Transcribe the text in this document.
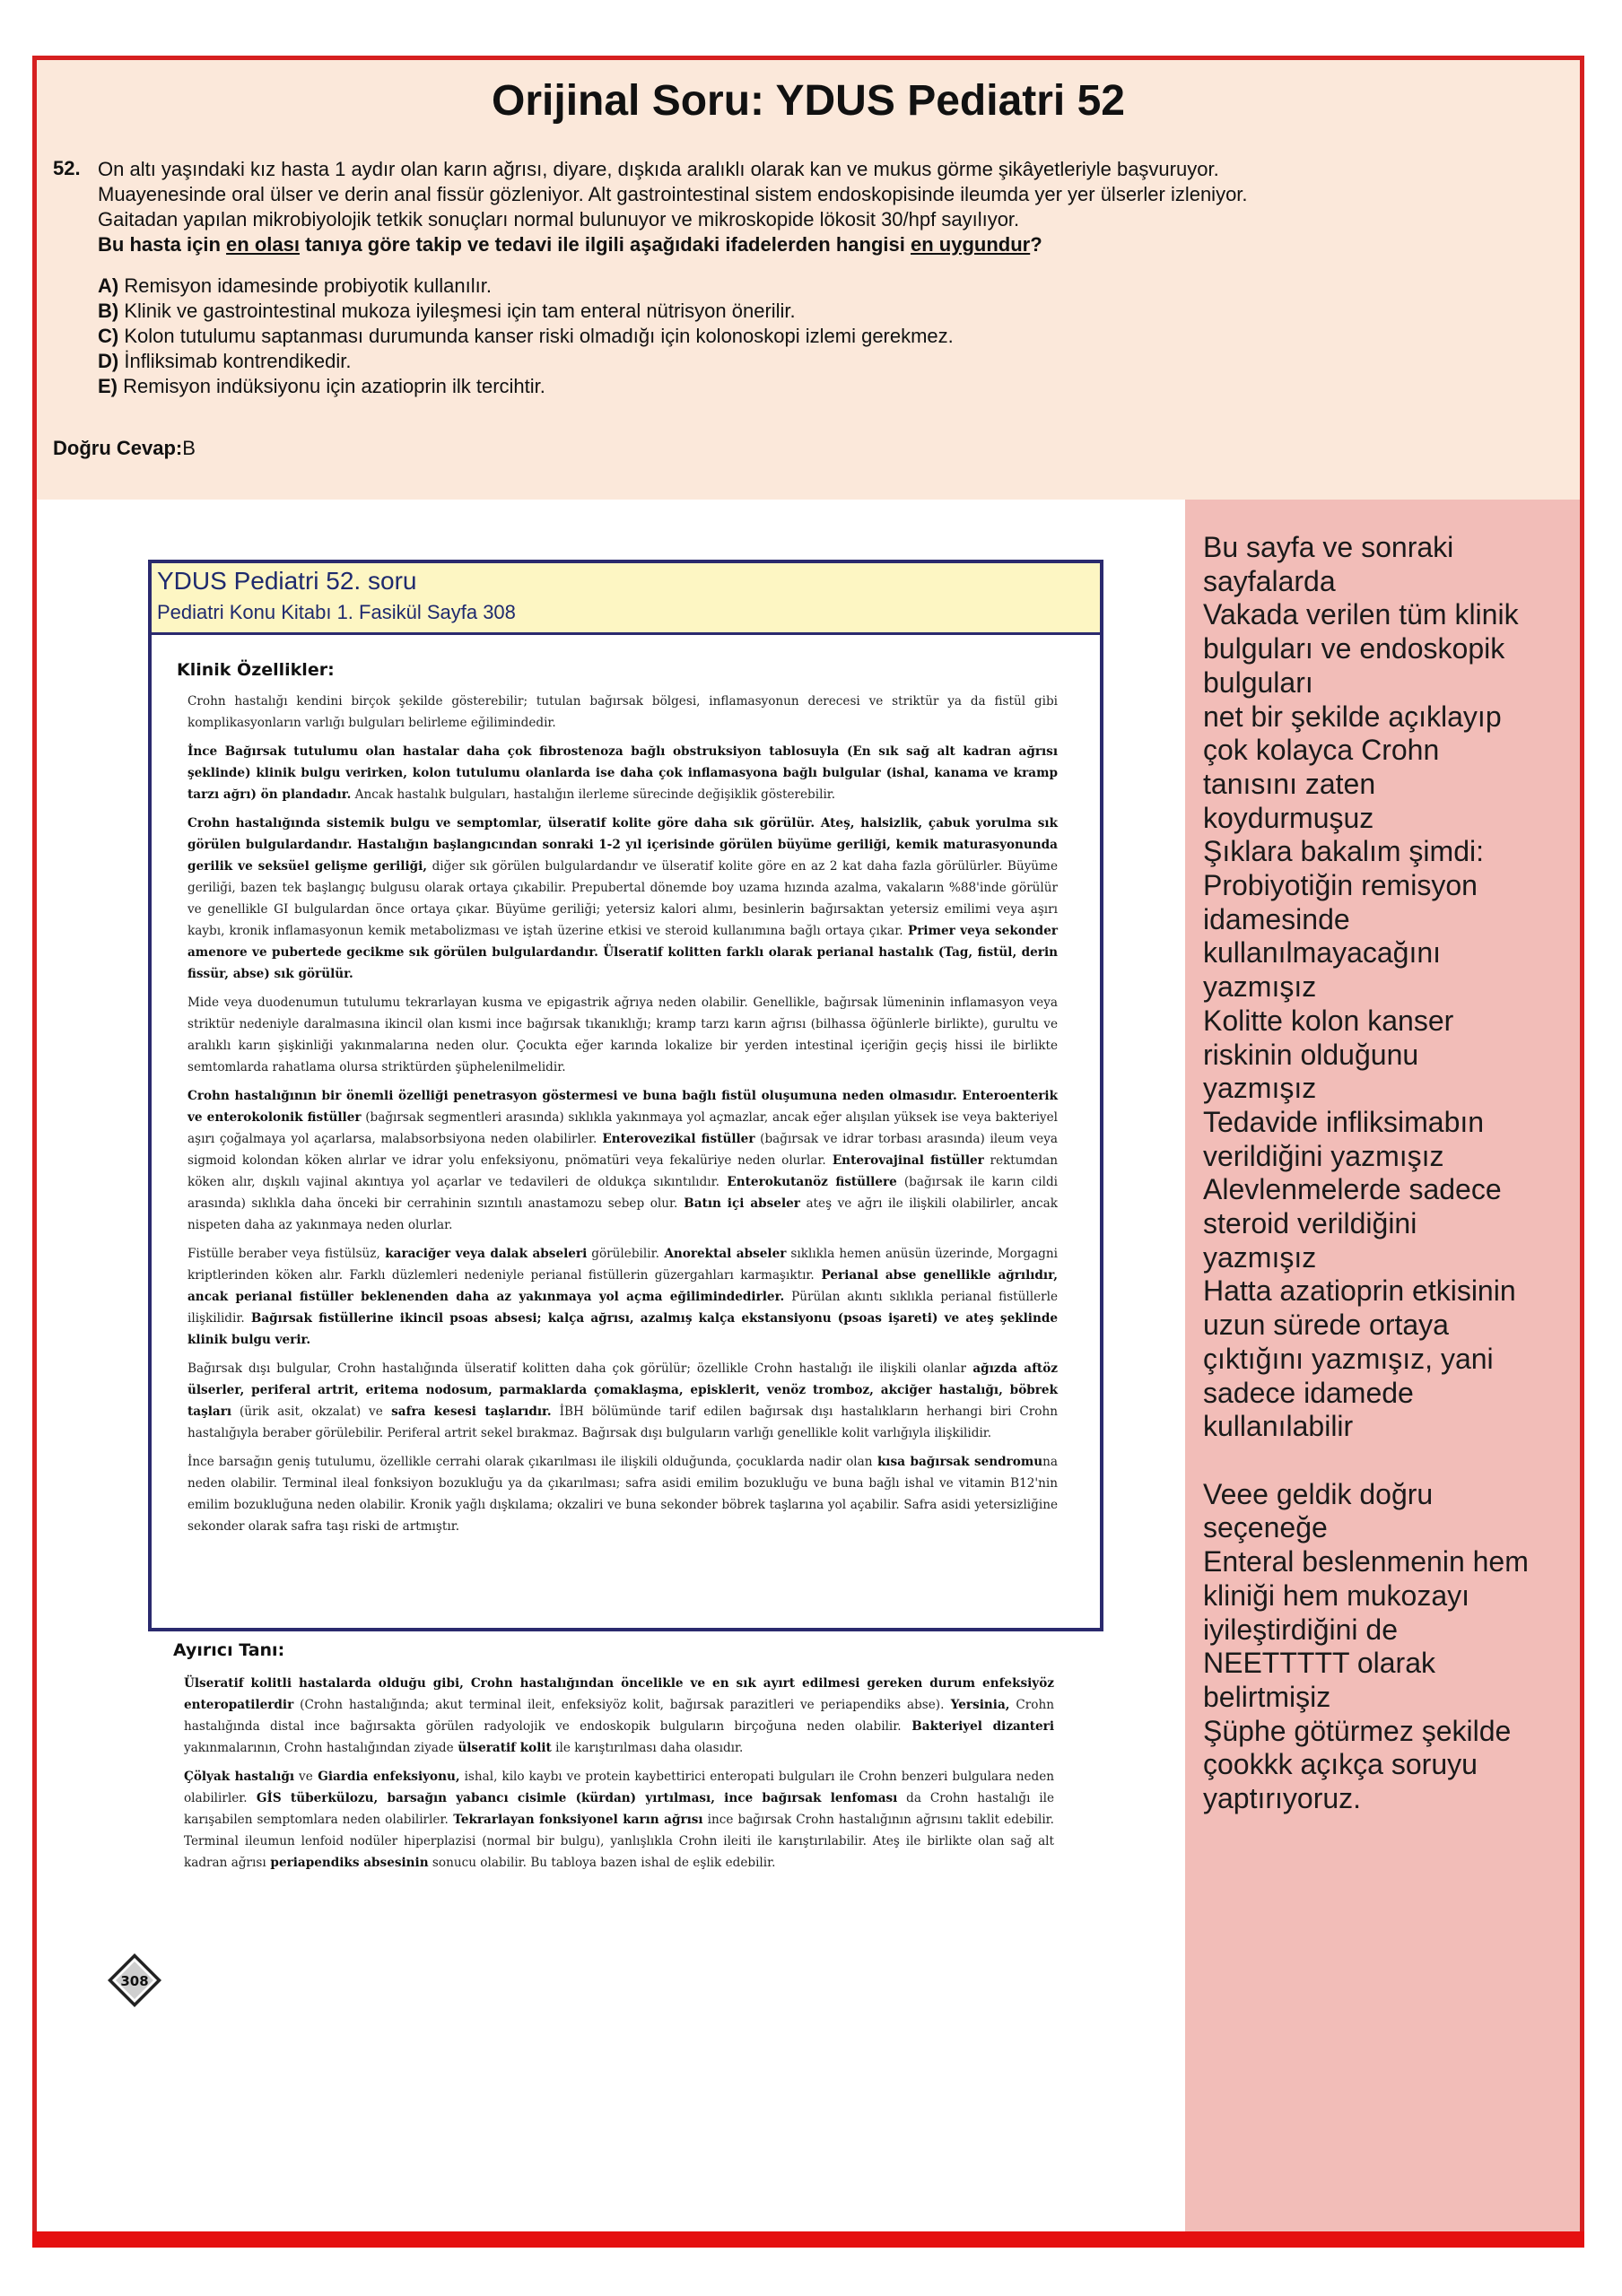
Orijinal Soru: YDUS Pediatri 52
52. On altı yaşındaki kız hasta 1 aydır olan karın ağrısı, diyare, dışkıda aralıklı olarak kan ve mukus görme şikâyetleriyle başvuruyor.

Muayenesinde oral ülser ve derin anal fissür gözleniyor. Alt gastrointestinal sistem endoskopisinde ileumda yer yer ülserler izleniyor.

Gaitadan yapılan mikrobiyolojik tetkik sonuçları normal bulunuyor ve mikroskopide lökosit 30/hpf sayılıyor.

Bu hasta için en olası tanıya göre takip ve tedavi ile ilgili aşağıdaki ifadelerden hangisi en uygundur?

A) Remisyon idamesinde probiyotik kullanılır.
B) Klinik ve gastrointestinal mukoza iyileşmesi için tam enteral nütrisyon önerilir.
C) Kolon tutulumu saptanması durumunda kanser riski olmadığı için kolonoskopi izlemi gerekmez.
D) İnfliksimab kontrendikedir.
E) Remisyon indüksiyonu için azatioprin ilk tercihtir.
Doğru Cevap:B
Bu sayfa ve sonraki
sayfalarda
Vakada verilen tüm klinik
bulguları ve endoskopik
bulguları
net bir şekilde açıklayıp
çok kolayca Crohn
tanısını zaten
koydurmuşuz
Şıklara bakalım şimdi:
Probiyotiğin remisyon
idamesinde
kullanılmayacağını
yazmışız
Kolitte kolon kanser
riskinin olduğunu
yazmışız
Tedavide infliksimabın
verildiğini yazmışız
Alevlenmelerde sadece
steroid verildiğini
yazmışız
Hatta azatioprin etkisinin
uzun sürede ortaya
çıktığını yazmışız, yani
sadece idamede
kullanılabilir

Veee geldik doğru
seçeneğe
Enteral beslenmenin hem
kliniği hem mukozayı
iyileştirdiğini de
NEETTTTT olarak
belirtmişiz
Şüphe götürmez şekilde
çookkk açıkça soruyu
yaptırıyoruz.
YDUS Pediatri 52. soru
Pediatri Konu Kitabı 1. Fasikül Sayfa 308
Klinik Özellikler:

Crohn hastalığı kendini birçok şekilde gösterebilir; tutulan bağırsak bölgesi, inflamasyonun derecesi ve striktür ya da fistül gibi komplikasyonların varlığı bulguları belirleme eğilimindedir.

İnce Bağırsak tutulumu olan hastalar daha çok fibrostenoza bağlı obstruksiyon tablosuyla (En sık sağ alt kadran ağrısı şeklinde) klinik bulgu verirken, kolon tutulumu olanlarda ise daha çok inflamasyona bağlı bulgular (ishal, kanama ve kramp tarzı ağrı) ön plandadır. Ancak hastalık bulguları, hastalığın ilerleme sürecinde değişiklik gösterebilir.

Crohn hastalığında sistemik bulgu ve semptomlar, ülseratif kolite göre daha sık görülür. Ateş, halsizlik, çabuk yorulma sık görülen bulgulardandır. Hastalığın başlangıcından sonraki 1-2 yıl içerisinde görülen büyüme geriliği, kemik maturasyonunda gerilik ve seksüel gelişme geriliği, diğer sık görülen bulgulardandır ve ülseratif kolite göre en az 2 kat daha fazla görülürler. Büyüme geriliği, bazen tek başlangıç bulgusu olarak ortaya çıkabilir. Prepubertal dönemde boy uzama hızında azalma, vakaların %88'inde görülür ve genellikle GI bulgulardan önce ortaya çıkar. Büyüme geriliği; yetersiz kalori alımı, besinlerin bağırsaktan yetersiz emilimi veya aşırı kaybı, kronik inflamasyonun kemik metabolizması ve iştah üzerine etkisi ve steroid kullanımına bağlı ortaya çıkar. Primer veya sekonder amenore ve pubertede gecikme sık görülen bulgulardandır. Ülseratif kolitten farklı olarak perianal hastalık (Tag, fistül, derin fissür, abse) sık görülür.

Mide veya duodenumun tutulumu tekrarlayan kusma ve epigastrik ağrıya neden olabilir. Genellikle, bağırsak lümeninin inflamasyon veya striktür nedeniyle daralmasına ikincil olan kısmi ince bağırsak tıkanıklığı; kramp tarzı karın ağrısı (bilhassa öğünlerle birlikte), gurultu ve aralıklı karın şişkinliği yakınmalarına neden olur. Çocukta eğer karında lokalize bir yerden intestinal içeriğin geçiş hissi ile birlikte semtomlarda rahatlama olursa striktürden şüphelenilmelidir.

Crohn hastalığının bir önemli özelliği penetrasyon göstermesi ve buna bağlı fistül oluşumuna neden olmasıdır. Enteroenterik ve enterokolonik fistüller (bağırsak segmentleri arasında) sıklıkla yakınmaya yol açmazlar, ancak eğer alışılan yüksek ise veya bakteriyel aşırı çoğalmaya yol açarlarsa, malabsorbsiyona neden olabilirler. Enterovezikal fistüller (bağırsak ve idrar torbası arasında) ileum veya sigmoid kolondan köken alırlar ve idrar yolu enfeksiyonu, pnömatüri veya fekalüriye neden olurlar. Enterovajinal fistüller rektumdan köken alır, dışkılı vajinal akıntıya yol açarlar ve tedavileri de oldukça sıkıntılıdır. Enterokutanöz fistüllere (bağırsak ile karın cildi arasında) sıklıkla daha önceki bir cerrahinin sızıntılı anastamozu sebep olur. Batın içi abseler ateş ve ağrı ile ilişkili olabilirler, ancak nispeten daha az yakınmaya neden olurlar.

Fistülle beraber veya fistülsüz, karaciğer veya dalak abseleri görülebilir. Anorektal abseler sıklıkla hemen anüsün üzerinde, Morgagni kriptlerinden köken alır. Farklı düzlemleri nedeniyle perianal fistüllerin güzergahları karmaşıktır. Perianal abse genellikle ağrılıdır, ancak perianal fistüller beklenenden daha az yakınmaya yol açma eğilimindedirler. Pürülan akıntı sıklıkla perianal fistüllerle ilişkilidir. Bağırsak fistüllerine ikincil psoas absesi; kalça ağrısı, azalmış kalça ekstansiyonu (psoas işareti) ve ateş şeklinde klinik bulgu verir.

Bağırsak dışı bulgular, Crohn hastalığında ülseratif kolitten daha çok görülür; özellikle Crohn hastalığı ile ilişkili olanlar ağızda aftöz ülserler, periferal artrit, eritema nodosum, parmaklarda çomaklaşma, episklerit, venöz tromboz, akciğer hastalığı, böbrek taşları (ürik asit, okzalat) ve safra kesesi taşlarıdır. İBH bölümünde tarif edilen bağırsak dışı hastalıkların herhangi biri Crohn hastalığıyla beraber görülebilir. Periferal artrit sekel bırakmaz. Bağırsak dışı bulguların varlığı genellikle kolit varlığıyla ilişkilidir.

İnce barsağın geniş tutulumu, özellikle cerrahi olarak çıkarılması ile ilişkili olduğunda, çocuklarda nadir olan kısa bağırsak sendromuna neden olabilir. Terminal ileal fonksiyon bozukluğu ya da çıkarılması; safra asidi emilim bozukluğu ve buna bağlı ishal ve vitamin B12'nin emilim bozukluğuna neden olabilir. Kronik yağlı dışkılama; okzaliri ve buna sekonder böbrek taşlarına yol açabilir. Safra asidi yetersizliğine sekonder olarak safra taşı riski de artmıştır.

Ayırıcı Tanı:

Ülseratif kolitli hastalarda olduğu gibi, Crohn hastalığından öncelikle ve en sık ayırt edilmesi gereken durum enfeksiyöz enteropatilerdir (Crohn hastalığında; akut terminal ileit, enfeksiyöz kolit, bağırsak parazitleri ve periapendiks abse). Yersinia, Crohn hastalığında distal ince bağırsakta görülen radyolojik ve endoskopik bulguların birçoğuna neden olabilir. Bakteriyel dizanteri yakınmalarının, Crohn hastalığından ziyade ülseratif kolit ile karıştırılması daha olasıdır.

Çölyak hastalığı ve Giardia enfeksiyonu, ishal, kilo kaybı ve protein kaybettirici enteropati bulguları ile Crohn benzeri bulgulara neden olabilirler. GİS tüberkülozu, barsağın yabancı cisimle (kürdan) yırtılması, ince bağırsak lenfoması da Crohn hastalığı ile karışabilen semptomlara neden olabilirler. Tekrarlayan fonksiyonel karın ağrısı ince bağırsak Crohn hastalığının ağrısını taklit edebilir. Terminal ileumun lenfoid nodüler hiperplazisi (normal bir bulgu), yanlışlıkla Crohn ileiti ile karıştırılabilir. Ateş ile birlikte olan sağ alt kadran ağrısı periapendiks absesinin sonucu olabilir. Bu tabloya bazen ishal de eşlik edebilir.

308
